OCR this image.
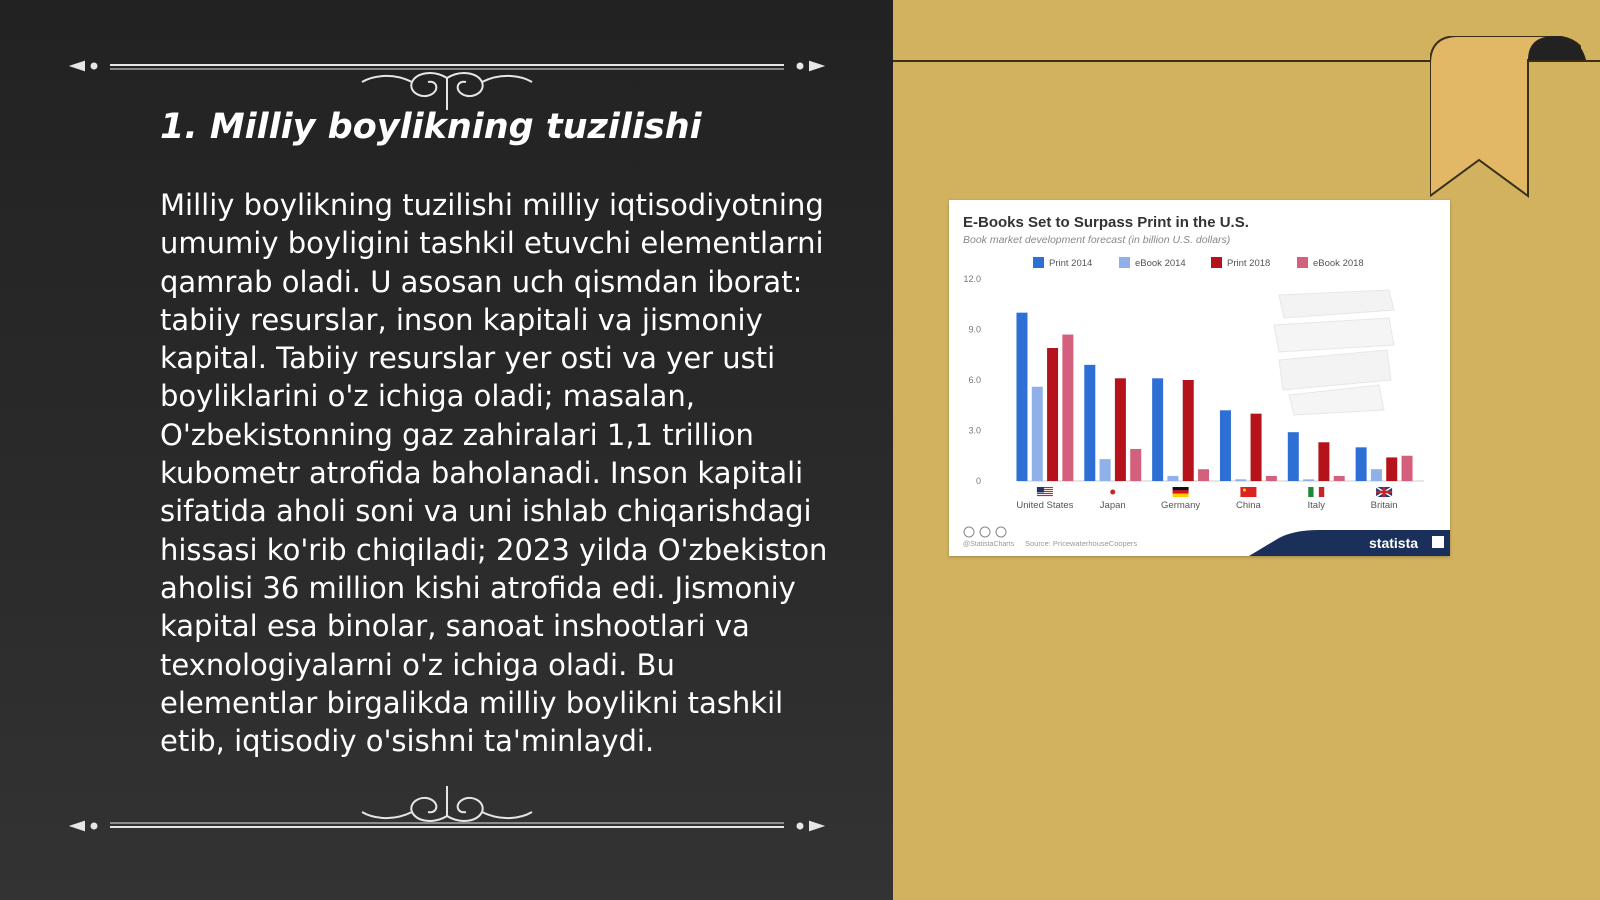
1. Milliy boylikning tuzilishi

Milliy boylikning tuzilishi milliy iqtisodiyotning umumiy boyligini tashkil etuvchi elementlarni qamrab oladi. U asosan uch qismdan iborat: tabiiy resurslar, inson kapitali va jismoniy kapital. Tabiiy resurslar yer osti va yer usti boyliklarini o'z ichiga oladi; masalan, O'zbekistonning gaz zahiralari 1,1 trillion kubometr atrofida baholanadi. Inson kapitali sifatida aholi soni va uni ishlab chiqarishdagi hissasi ko'rib chiqiladi; 2023 yilda O'zbekiston aholisi 36 million kishi atrofida edi. Jismoniy kapital esa binolar, sanoat inshootlari va texnologiyalarni o'z ichiga oladi. Bu elementlar birgalikda milliy boylikni tashkil etib, iqtisodiy o'sishni ta'minlaydi.

E-Books Set to Surpass Print in the U.S.
Book market development forecast (in billion U.S. dollars)
Print 2014	eBook 2014	Print 2018	eBook 2018
12.0
9.0
6.0
3.0
0
United States	Japan	Germany	China	Italy	Britain
statista
@StatistaCharts Source: PricewaterhouseCoopers
